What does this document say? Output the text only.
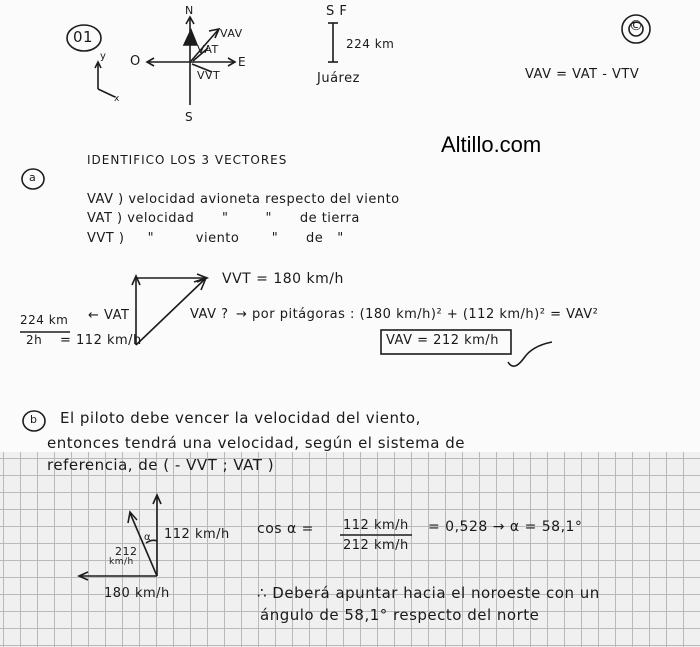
Altillo.com
01
©
N
S
E
O
y
x
VAV
VAT
VVT
S F
224 km
Juárez	VAV = VAT - VTV
a
IDENTIFICO LOS 3 VECTORES
VAV ) velocidad avioneta respecto del viento
VAT ) velocidad      "        "      de tierra
VVT )     "         viento       "      de   "
VVT = 180 km/h
← VAT
224 km
2h = 112 km/h
VAV ? → por pitágoras : (180 km/h)² + (112 km/h)² = VAV²
VAV = 212 km/h
b El piloto debe vencer la velocidad del viento,
entonces tendrá una velocidad, según el sistema de
referencia, de ( - VVT ; VAT )
112 km/h
212
km/h
α
180 km/h
cos α = 112 km/h
212 km/h
= 0,528 → α = 58,1°
∴ Deberá apuntar hacia el noroeste con un
ángulo de 58,1° respecto del norte
